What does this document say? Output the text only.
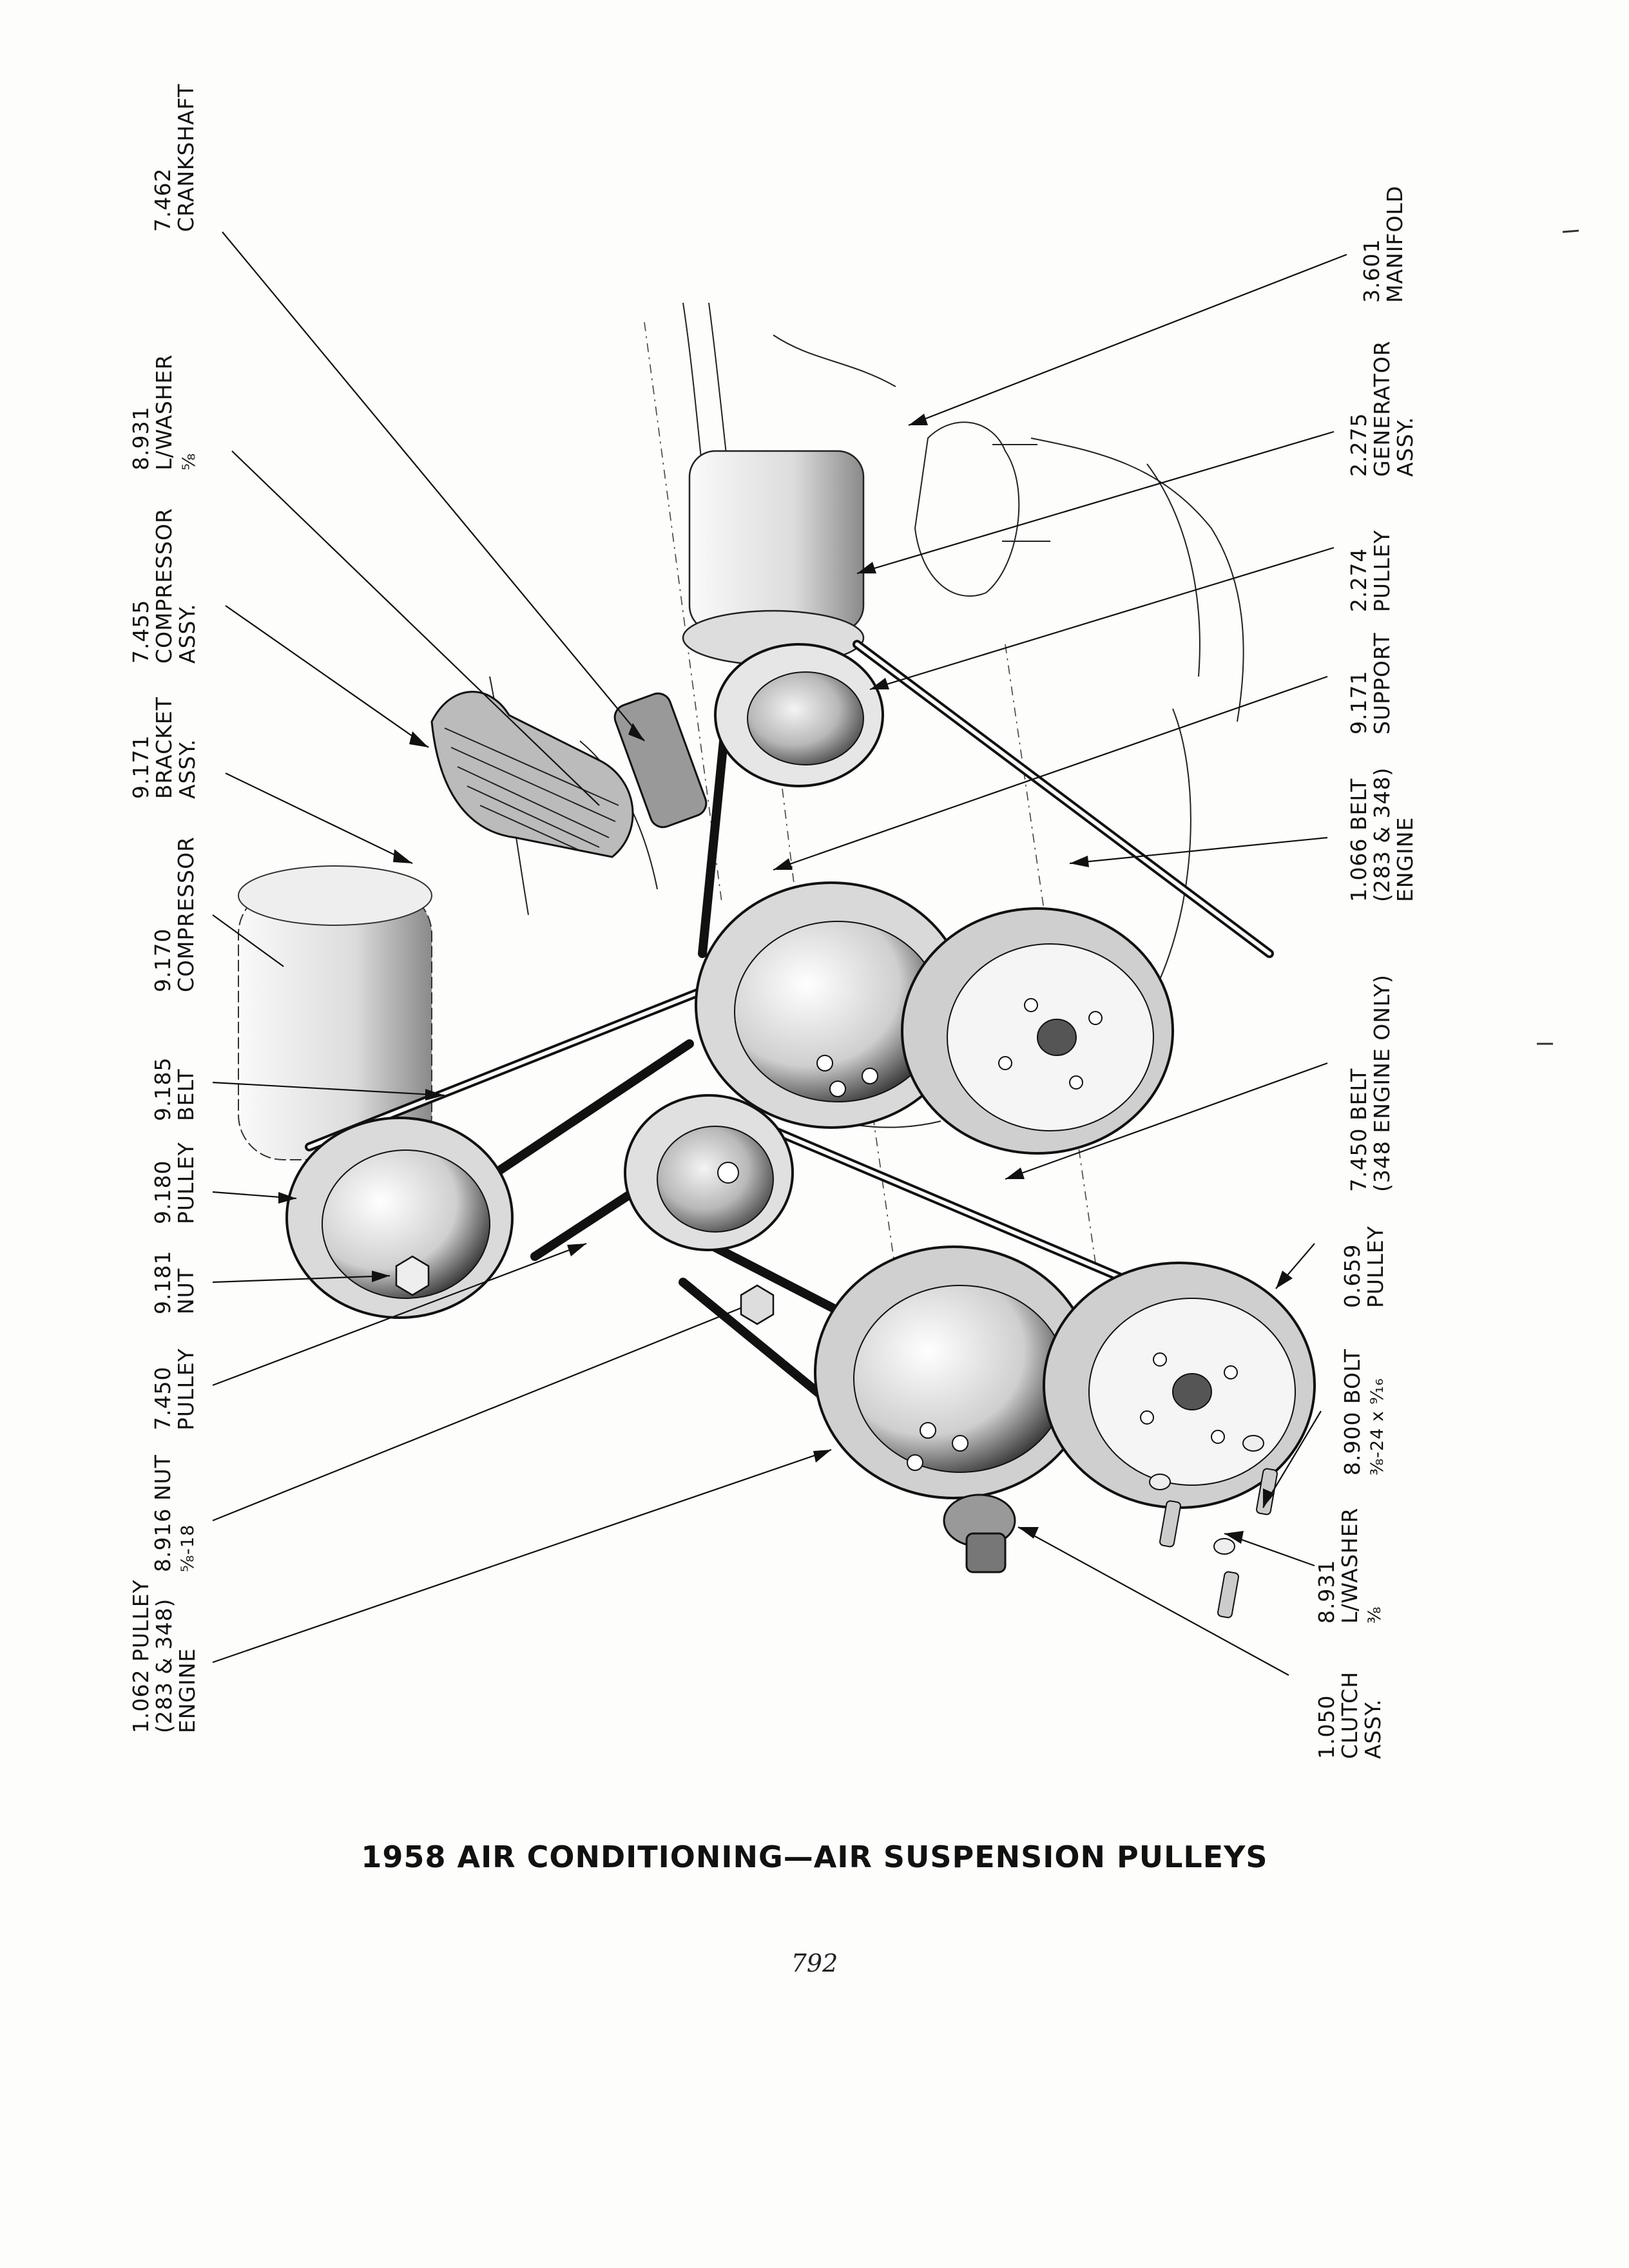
7.462 CRANKSHAFT
8.931 L/WASHER ⅝
7.455 COMPRESSOR ASSY.
9.171 BRACKET ASSY.
9.170 COMPRESSOR
9.185 BELT
9.180 PULLEY
9.181 NUT
7.450 PULLEY
8.916 NUT ⅝-18
1.062 PULLEY (283 & 348) ENGINE
3.601 MANIFOLD
2.275 GENERATOR ASSY.
2.274 PULLEY
9.171 SUPPORT
1.066 BELT (283 & 348) ENGINE
7.450 BELT (348 ENGINE ONLY)
0.659 PULLEY
8.900 BOLT ⅜-24 x ⁹⁄₁₆
8.931 L/WASHER ⅜
1.050 CLUTCH ASSY.
1958 AIR CONDITIONING—AIR SUSPENSION PULLEYS
792
